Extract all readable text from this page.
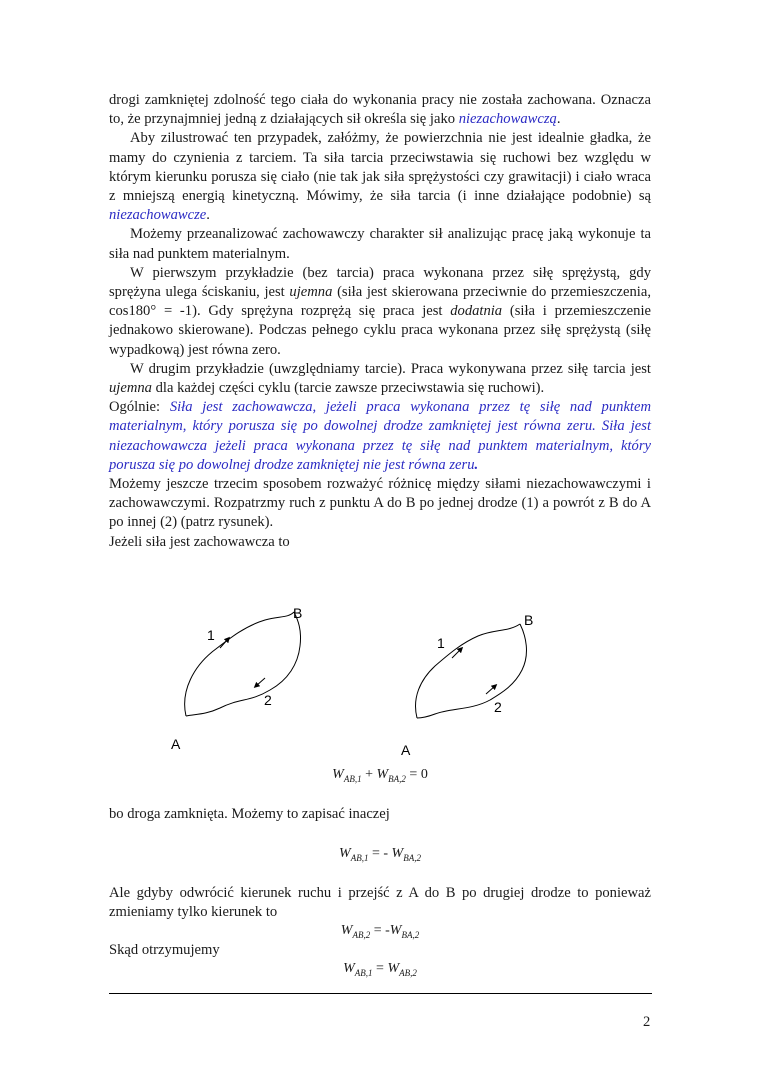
drogi zamkniętej zdolność tego ciała do wykonania pracy nie została zachowana. Oznacza to, że przynajmniej jedną z działających sił określa się jako niezachowawczą.

Aby zilustrować ten przypadek, załóżmy, że powierzchnia nie jest idealnie gładka, że mamy do czynienia z tarciem. Ta siła tarcia przeciwstawia się ruchowi bez względu w którym kierunku porusza się ciało (nie tak jak siła sprężystości czy grawitacji) i ciało wraca z mniejszą energią kinetyczną. Mówimy, że siła tarcia (i inne działające podobnie) są niezachowawcze.

Możemy przeanalizować zachowawczy charakter sił analizując pracę jaką wykonuje ta siła nad punktem materialnym.

W pierwszym przykładzie (bez tarcia) praca wykonana przez siłę sprężystą, gdy sprężyna ulega ściskaniu, jest ujemna (siła jest skierowana przeciwnie do przemieszczenia, cos180° = -1). Gdy sprężyna rozprężą się praca jest dodatnia (siła i przemieszczenie jednakowo skierowane). Podczas pełnego cyklu praca wykonana przez siłę sprężystą (siłę wypadkową) jest równa zero.

W drugim przykładzie (uwzględniamy tarcie). Praca wykonywana przez siłę tarcia jest ujemna dla każdej części cyklu (tarcie zawsze przeciwstawia się ruchowi).

Ogólnie: Siła jest zachowawcza, jeżeli praca wykonana przez tę siłę nad punktem materialnym, który porusza się po dowolnej drodze zamkniętej jest równa zeru. Siła jest niezachowawcza jeżeli praca wykonana przez tę siłę nad punktem materialnym, który porusza się po dowolnej drodze zamkniętej nie jest równa zeru.

Możemy jeszcze trzecim sposobem rozważyć różnicę między siłami niezachowawczymi i zachowawczymi. Rozpatrzmy ruch z punktu A do B po jednej drodze (1) a powrót z B do A po innej (2) (patrz rysunek).

Jeżeli siła jest zachowawcza to

B
1
2
A
B
1
2
A
$W_{AB,1} + W_{BA,2} = 0$
bo droga zamknięta. Możemy to zapisać inaczej
$W_{AB,1}$ = - $W_{BA,2}$
Ale gdyby odwrócić kierunek ruchu i przejść z A do B po drugiej drodze to ponieważ zmieniamy tylko kierunek to
$W_{AB,2} = -W_{BA,2}$
Skąd otrzymujemy
$W_{AB,1} = W_{AB,2}$
2
